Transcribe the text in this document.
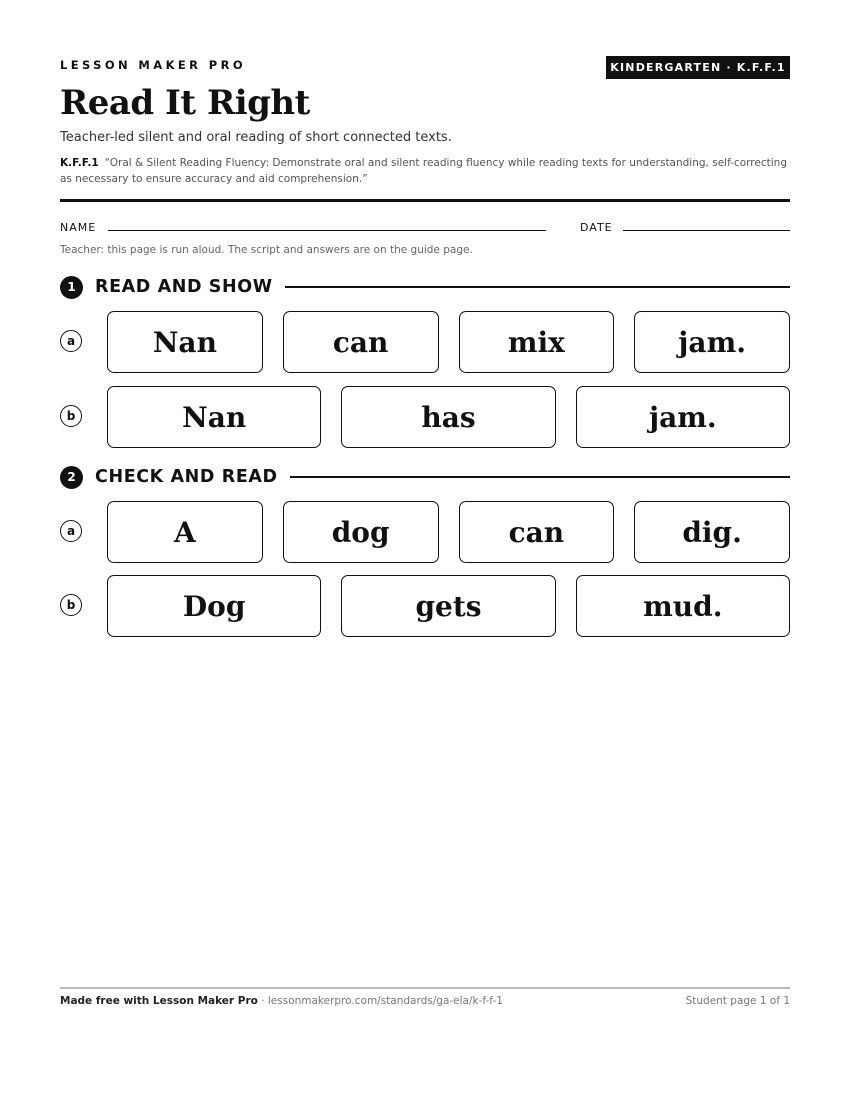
LESSON MAKER PRO	KINDERGARTEN · K.F.F.1
Read It Right
Teacher-led silent and oral reading of short connected texts.
K.F.F.1 “Oral & Silent Reading Fluency: Demonstrate oral and silent reading fluency while reading texts for understanding, self-correcting as necessary to ensure accuracy and aid comprehension.”
NAME	DATE
Teacher: this page is run aloud. The script and answers are on the guide page.
1	READ AND SHOW
a	Nan	can	mix	jam.
b	Nan	has	jam.
2	CHECK AND READ
a	A	dog	can	dig.
b	Dog	gets	mud.
Made free with Lesson Maker Pro · lessonmakerpro.com/standards/ga-ela/k-f-f-1	Student page 1 of 1
